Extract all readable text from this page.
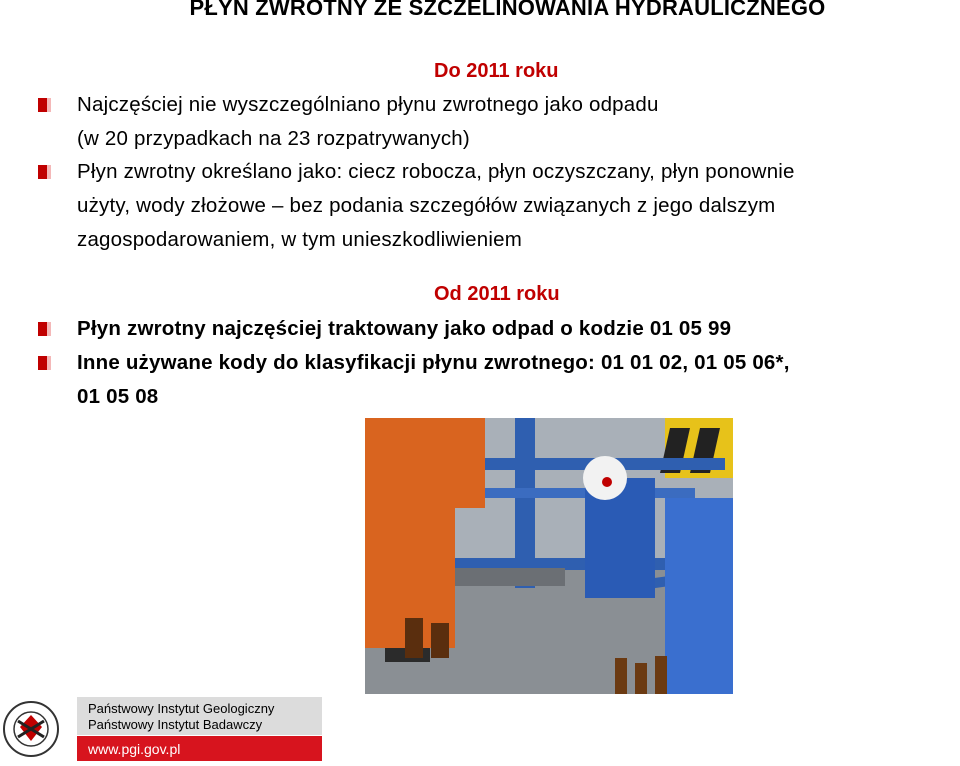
PŁYN ZWROTNY ZE SZCZELINOWANIA HYDRAULICZNEGO
Do 2011 roku
Najczęściej nie wyszczególniano płynu zwrotnego jako odpadu
(w 20 przypadkach na 23 rozpatrywanych)
Płyn zwrotny określano jako: ciecz robocza, płyn oczyszczany, płyn ponownie
użyty, wody złożowe – bez podania szczegółów związanych z jego dalszym
zagospodarowaniem, w tym unieszkodliwieniem
Od 2011 roku
Płyn zwrotny najczęściej traktowany jako odpad o kodzie 01 05 99
Inne używane kody do klasyfikacji płynu zwrotnego: 01 01 02, 01 05 06*,
01 05 08
Państwowy Instytut Geologiczny
Państwowy Instytut Badawczy
www.pgi.gov.pl
